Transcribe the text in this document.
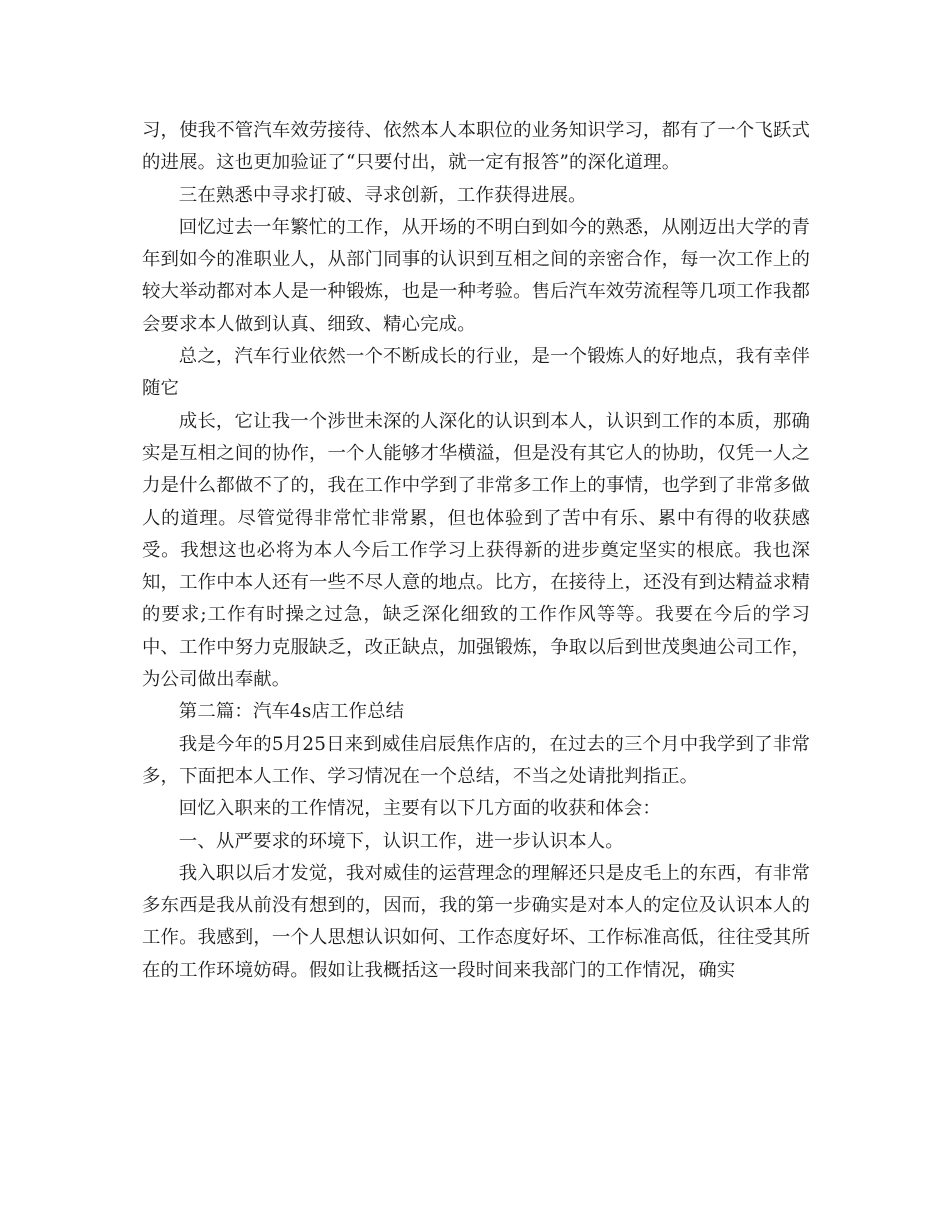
习，使我不管汽车效劳接待、依然本人本职位的业务知识学习，都有了一个飞跃式的进展。这也更加验证了“只要付出，就一定有报答”的深化道理。

三在熟悉中寻求打破、寻求创新，工作获得进展。

回忆过去一年繁忙的工作，从开场的不明白到如今的熟悉，从刚迈出大学的青年到如今的准职业人，从部门同事的认识到互相之间的亲密合作，每一次工作上的较大举动都对本人是一种锻炼，也是一种考验。售后汽车效劳流程等几项工作我都会要求本人做到认真、细致、精心完成。

总之，汽车行业依然一个不断成长的行业，是一个锻炼人的好地点，我有幸伴随它

成长，它让我一个涉世未深的人深化的认识到本人，认识到工作的本质，那确实是互相之间的协作，一个人能够才华横溢，但是没有其它人的协助，仅凭一人之力是什么都做不了的，我在工作中学到了非常多工作上的事情，也学到了非常多做人的道理。尽管觉得非常忙非常累，但也体验到了苦中有乐、累中有得的收获感受。我想这也必将为本人今后工作学习上获得新的进步奠定坚实的根底。我也深知，工作中本人还有一些不尽人意的地点。比方，在接待上，还没有到达精益求精的要求;工作有时操之过急，缺乏深化细致的工作作风等等。我要在今后的学习中、工作中努力克服缺乏，改正缺点，加强锻炼，争取以后到世茂奥迪公司工作，为公司做出奉献。

第二篇：汽车4s店工作总结

我是今年的5月25日来到威佳启辰焦作店的，在过去的三个月中我学到了非常多，下面把本人工作、学习情况在一个总结，不当之处请批判指正。

回忆入职来的工作情况，主要有以下几方面的收获和体会：

一、从严要求的环境下，认识工作，进一步认识本人。

我入职以后才发觉，我对威佳的运营理念的理解还只是皮毛上的东西，有非常多东西是我从前没有想到的，因而，我的第一步确实是对本人的定位及认识本人的工作。我感到，一个人思想认识如何、工作态度好坏、工作标准高低，往往受其所在的工作环境妨碍。假如让我概括这一段时间来我部门的工作情况，确实
